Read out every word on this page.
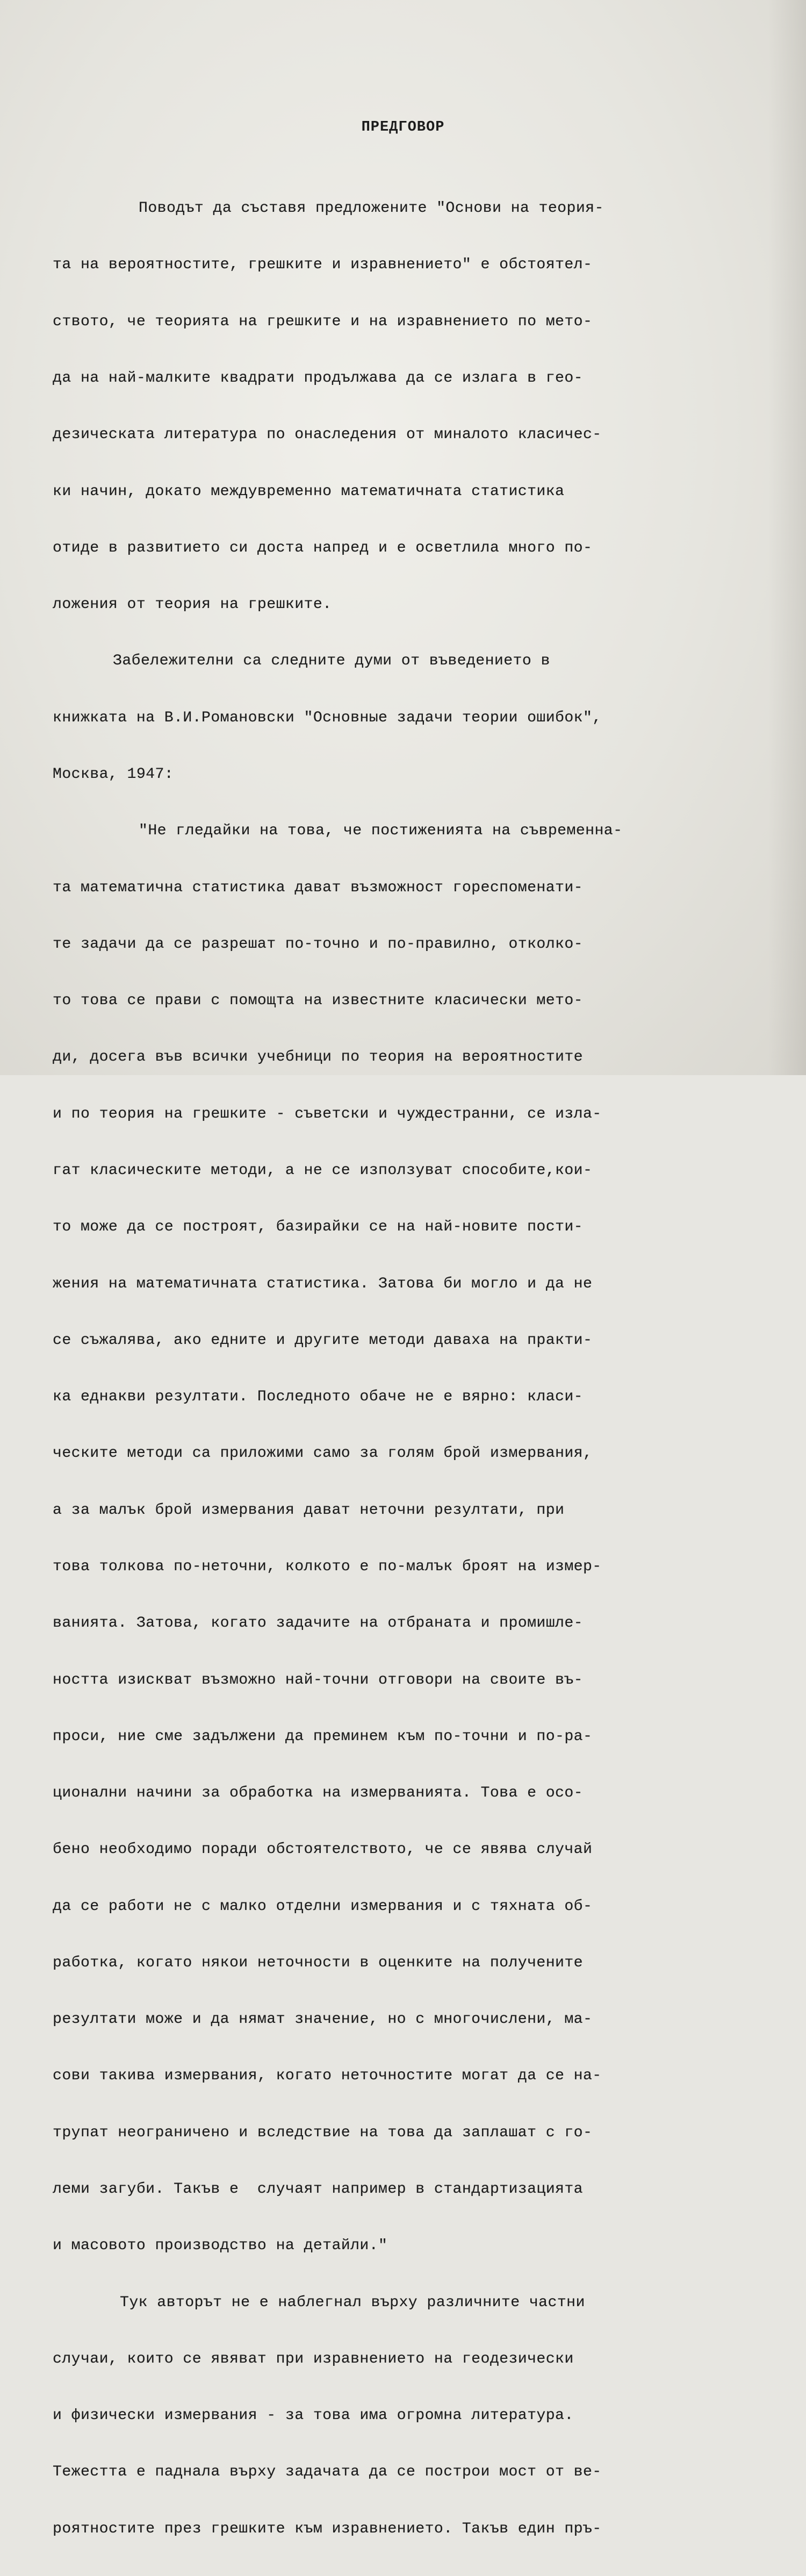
ПРЕДГОВОР

Поводът да съставя предложените "Основи на теория-

та на вероятностите, грешките и изравнението" е обстоятел-

ството, че теорията на грешките и на изравнението по мето-

да на най-малките квадрати продължава да се излага в гео-

дезическата литература по онаследения от миналото класичес-

ки начин, докато междувременно математичната статистика

отиде в развитието си доста напред и е осветлила много по-

ложения от теория на грешките.

Забележителни са следните думи от въведението в

книжката на В.И.Романовски "Основные задачи теории ошибок",

Москва, 1947:

"Не гледайки на това, че постиженията на съвременна-

та математична статистика дават възможност гореспоменати-

те задачи да се разрешат по-точно и по-правилно, отколко-

то това се прави с помощта на известните класически мето-

ди, досега във всички учебници по теория на вероятностите

и по теория на грешките - съветски и чуждестранни, се изла-

гат класическите методи, а не се използуват способите,кои-

то може да се построят, базирайки се на най-новите пости-

жения на математичната статистика. Затова би могло и да не

се съжалява, ако едните и другите методи даваха на практи-

ка еднакви резултати. Последното обаче не е вярно: класи-

ческите методи са приложими само за голям брой измервания,

а за малък брой измервания дават неточни резултати, при

това толкова по-неточни, колкото е по-малък броят на измер-

ванията. Затова, когато задачите на отбраната и промишле-

ността изискват възможно най-точни отговори на своите въ-

проси, ние сме задължени да преминем към по-точни и по-ра-

ционални начини за обработка на измерванията. Това е осо-

бено необходимо поради обстоятелството, че се явява случай

да се работи не с малко отделни измервания и с тяхната об-

работка, когато някои неточности в оценките на получените

резултати може и да нямат значение, но с многочислени, ма-

сови такива измервания, когато неточностите могат да се на-

трупат неограничено и вследствие на това да заплашат с го-

леми загуби. Такъв е  случаят например в стандартизацията

и масовото производство на детайли."

Тук авторът не е наблегнал върху различните частни

случаи, които се явяват при изравнението на геодезически

и физически измервания - за това има огромна литература.

Тежестта е паднала върху задачата да се построи мост от ве-

роятностите през грешките към изравнението. Такъв един пръ-
